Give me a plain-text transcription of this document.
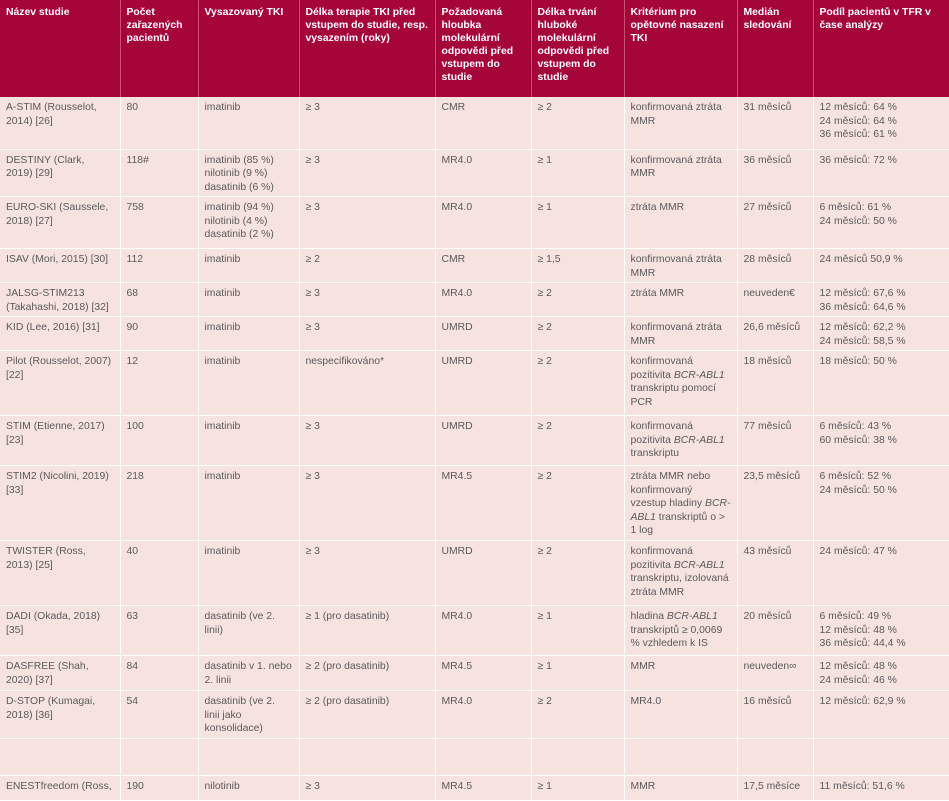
Název studie	Počet zařazených pacientů	Vysazovaný TKI	Délka terapie TKI před vstupem do studie, resp. vysazením (roky)	Požadovaná hloubka molekulární odpovědi před vstupem do studie	Délka trvání hluboké molekulární odpovědi před vstupem do studie	Kritérium pro opětovné nasazení TKI	Medián sledování	Podíl pacientů v TFR v čase analýzy

A-STIM (Rousselot, 2014) [26]	80	imatinib	≥ 3	CMR	≥ 2	konfirmovaná ztráta MMR	31 měsíců	12 měsíců: 64 %
24 měsíců: 64 %
36 měsíců: 61 %

DESTINY (Clark, 2019) [29]	118#	imatinib (85 %)
nilotinib (9 %)
dasatinib (6 %)	≥ 3	MR4.0	≥ 1	konfirmovaná ztráta MMR	36 měsíců	36 měsíců: 72 %

EURO-SKI (Saussele, 2018) [27]	758	imatinib (94 %)
nilotinib (4 %)
dasatinib (2 %)	≥ 3	MR4.0	≥ 1	ztráta MMR	27 měsíců	6 měsíců: 61 %
24 měsíců: 50 %

ISAV (Mori, 2015) [30]	112	imatinib	≥ 2	CMR	≥ 1,5	konfirmovaná ztráta MMR	28 měsíců	24 měsíců 50,9 %

JALSG-STIM213 (Takahashi, 2018) [32]	68	imatinib	≥ 3	MR4.0	≥ 2	ztráta MMR	neuveden€	12 měsíců: 67,6 %
36 měsíců: 64,6 %

KID (Lee, 2016) [31]	90	imatinib	≥ 3	UMRD	≥ 2	konfirmovaná ztráta MMR	26,6 měsíců	12 měsíců: 62,2 %
24 měsíců: 58,5 %

Pilot (Rousselot, 2007) [22]	12	imatinib	nespecifikováno*	UMRD	≥ 2	konfirmovaná pozitivita BCR-ABL1 transkriptu pomocí PCR	18 měsíců	18 měsíců: 50 %

STIM (Etienne, 2017) [23]	100	imatinib	≥ 3	UMRD	≥ 2	konfirmovaná pozitivita BCR-ABL1 transkriptu	77 měsíců	6 měsíců: 43 %
60 měsíců: 38 %

STIM2 (Nicolini, 2019) [33]	218	imatinib	≥ 3	MR4.5	≥ 2	ztráta MMR nebo konfirmovaný vzestup hladiny BCR-ABL1 transkriptů o > 1 log	23,5 měsíců	6 měsíců: 52 %
24 měsíců: 50 %

TWISTER (Ross, 2013) [25]	40	imatinib	≥ 3	UMRD	≥ 2	konfirmovaná pozitivita BCR-ABL1 transkriptu, izolovaná ztráta MMR	43 měsíců	24 měsíců: 47 %

DADI (Okada, 2018) [35]	63	dasatinib (ve 2. linii)	≥ 1 (pro dasatinib)	MR4.0	≥ 1	hladina BCR-ABL1 transkriptů ≥ 0,0069 % vzhledem k IS	20 měsíců	6 měsíců: 49 %
12 měsíců: 48 %
36 měsíců: 44,4 %

DASFREE (Shah, 2020) [37]	84	dasatinib v 1. nebo 2. linii	≥ 2 (pro dasatinib)	MR4.5	≥ 1	MMR	neuveden∞	12 měsíců: 48 %
24 měsíců: 46 %

D-STOP (Kumagai, 2018) [36]	54	dasatinib (ve 2. linii jako konsolidace)	≥ 2 (pro dasatinib)	MR4.0	≥ 2	MR4.0	16 měsíců	12 měsíců: 62,9 %

ENESTfreedom (Ross,	190	nilotinib	≥ 3	MR4.5	≥ 1	MMR	17,5 měsíce	11 měsíců: 51,6 %
